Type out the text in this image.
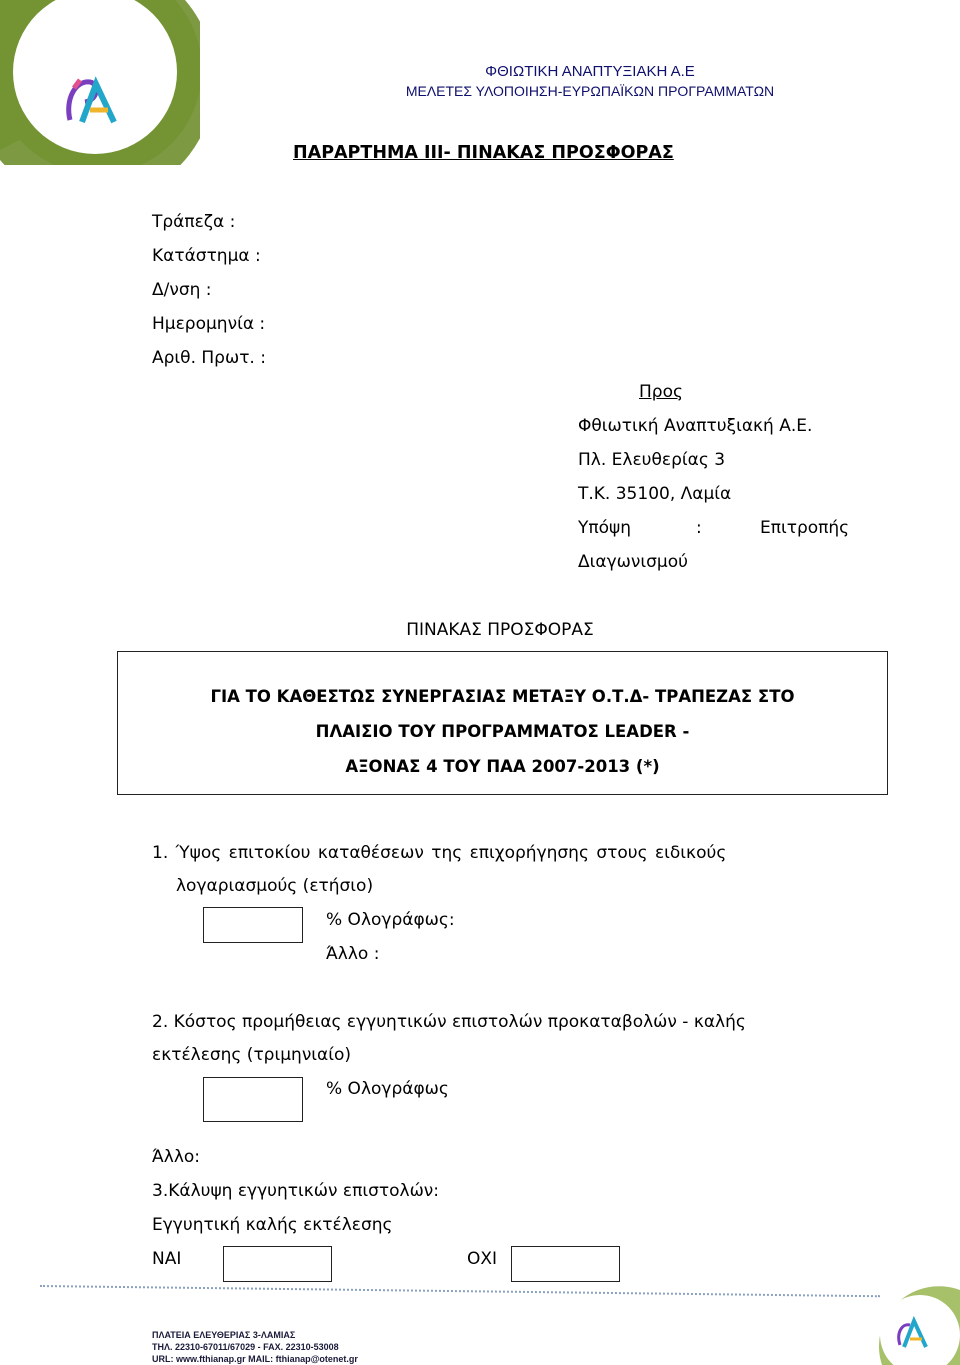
ΦΘΙΩΤΙΚΗ ΑΝΑΠΤΥΞΙΑΚΗ Α.Ε
ΜΕΛΕΤΕΣ ΥΛΟΠΟΙΗΣΗ-ΕΥΡΩΠΑΪΚΩΝ ΠΡΟΓΡΑΜΜΑΤΩΝ
ΠΑΡΑΡΤΗΜΑ III- ΠΙΝΑΚΑΣ ΠΡΟΣΦΟΡΑΣ
Τράπεζα :
Κατάστημα :
Δ/νση :
Ημερομηνία :
Αριθ. Πρωτ. :
Προς
Φθιωτική Αναπτυξιακή Α.Ε.
Πλ. Ελευθερίας 3
Τ.Κ. 35100, Λαμία
Υπόψη	:	Επιτροπής
Διαγωνισμού
ΠΙΝΑΚΑΣ ΠΡΟΣΦΟΡΑΣ
ΓΙΑ ΤΟ ΚΑΘΕΣΤΩΣ ΣΥΝΕΡΓΑΣΙΑΣ ΜΕΤΑΞΥ Ο.Τ.Δ- ΤΡΑΠΕΖΑΣ ΣΤΟ
ΠΛΑΙΣΙΟ ΤΟΥ ΠΡΟΓΡΑΜΜΑΤΟΣ LEADER -
ΑΞΟΝΑΣ 4 ΤΟΥ ΠΑΑ 2007-2013 (*)
1. Ύψος επιτοκίου καταθέσεων της επιχορήγησης στους ειδικούς
λογαριασμούς (ετήσιο)
% Ολογράφως:
Άλλο :
2. Κόστος προμήθειας εγγυητικών επιστολών προκαταβολών - καλής
εκτέλεσης (τριμηνιαίο)
% Ολογράφως
Άλλο:
3.Κάλυψη εγγυητικών επιστολών:
Εγγυητική καλής εκτέλεσης
ΝΑΙ	ΟΧΙ
ΠΛΑΤΕΙΑ ΕΛΕΥΘΕΡΙΑΣ 3-ΛΑΜΙΑΣ
ΤΗΛ. 22310-67011/67029 - FAX. 22310-53008
URL: www.fthianap.gr MAIL: fthianap@otenet.gr
